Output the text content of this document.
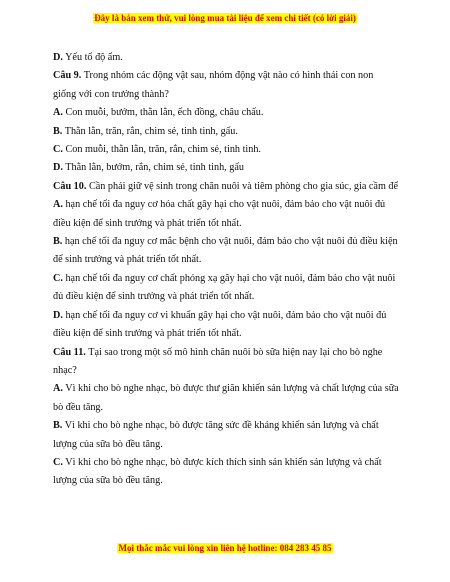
Đây là bản xem thử, vui lòng mua tài liệu để xem chi tiết (có lời giải)

D. Yếu tố độ ẩm.

Câu 9. Trong nhóm các động vật sau, nhóm động vật nào có hình thái con non giống với con trưởng thành?

A. Con muỗi, bướm, thằn lằn, ếch đồng, châu chấu.

B. Thằn lằn, trăn, rắn, chim sẻ, tinh tinh, gấu.

C. Con muỗi, thằn lằn, trăn, rắn, chim sẻ, tinh tinh.

D. Thằn lằn, bướm, rắn, chim sẻ, tinh tinh, gấu

Câu 10. Cần phải giữ vệ sinh trong chăn nuôi và tiêm phòng cho gia súc, gia cầm để

A. hạn chế tối đa nguy cơ hóa chất gây hại cho vật nuôi, đảm bảo cho vật nuôi đủ điều kiện để sinh trưởng và phát triển tốt nhất.

B. hạn chế tối đa nguy cơ mắc bệnh cho vật nuôi, đảm bảo cho vật nuôi đủ điều kiện để sinh trưởng và phát triển tốt nhất.

C. hạn chế tối đa nguy cơ chất phóng xạ gây hại cho vật nuôi, đảm bảo cho vật nuôi đủ điều kiện để sinh trưởng và phát triển tốt nhất.

D. hạn chế tối đa nguy cơ vi khuẩn gây hại cho vật nuôi, đảm bảo cho vật nuôi đủ điều kiện để sinh trưởng và phát triển tốt nhất.

Câu 11. Tại sao trong một số mô hình chăn nuôi bò sữa hiện nay lại cho bò nghe nhạc?

A. Vì khi cho bò nghe nhạc, bò được thư giãn khiến sản lượng và chất lượng của sữa bò đều tăng.

B. Vì khi cho bò nghe nhạc, bò được tăng sức đề kháng khiến sản lượng và chất lượng của sữa bò đều tăng.

C. Vì khi cho bò nghe nhạc, bò được kích thích sinh sản khiến sản lượng và chất lượng của sữa bò đều tăng.

Mọi thắc mắc vui lòng xin liên hệ hotline: 084 283 45 85
